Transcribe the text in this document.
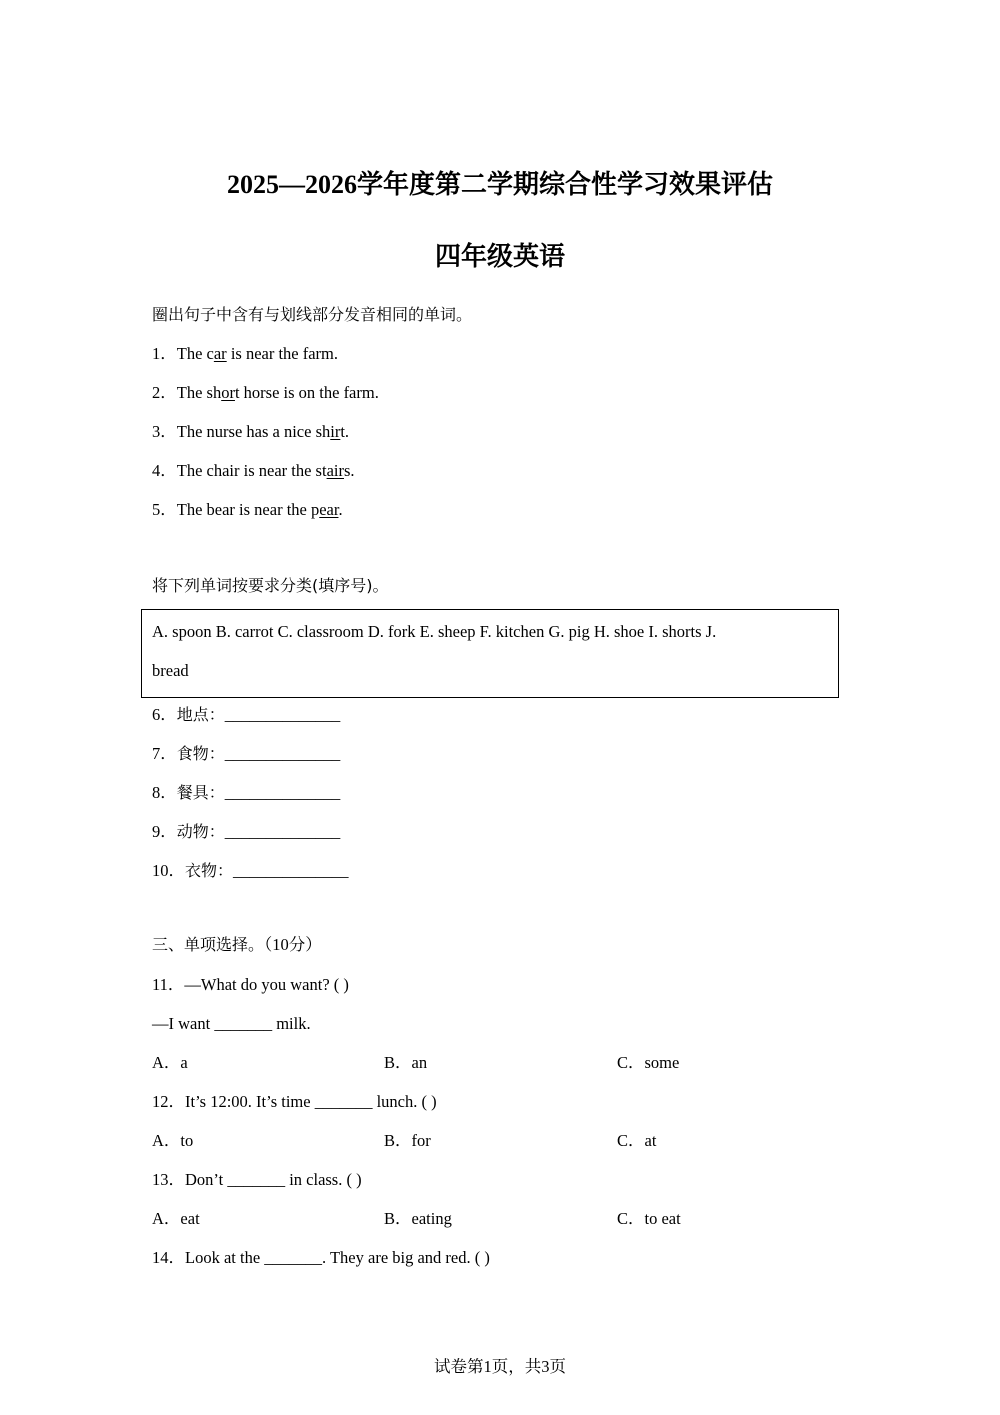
2025—2026学年度第二学期综合性学习效果评估
四年级英语
圈出句子中含有与划线部分发音相同的单词。
1．The car is near the farm.
2．The short horse is on the farm.
3．The nurse has a nice shirt.
4．The chair is near the stairs.
5．The bear is near the pear.
将下列单词按要求分类(填序号)。
A. spoon B. carrot C. classroom D. fork E. sheep F. kitchen G. pig H. shoe I. shorts J.
bread
6．地点：______________
7．食物：______________
8．餐具：______________
9．动物：______________
10．衣物：______________
三、单项选择。（10分）
11．—What do you want? ( )
—I want _______ milk.
A．a	B．an	C．some
12．It’s 12:00. It’s time _______ lunch. ( )
A．to	B．for	C．at
13．Don’t _______ in class. ( )
A．eat	B．eating	C．to eat
14．Look at the _______. They are big and red. ( )
试卷第1页，共3页
